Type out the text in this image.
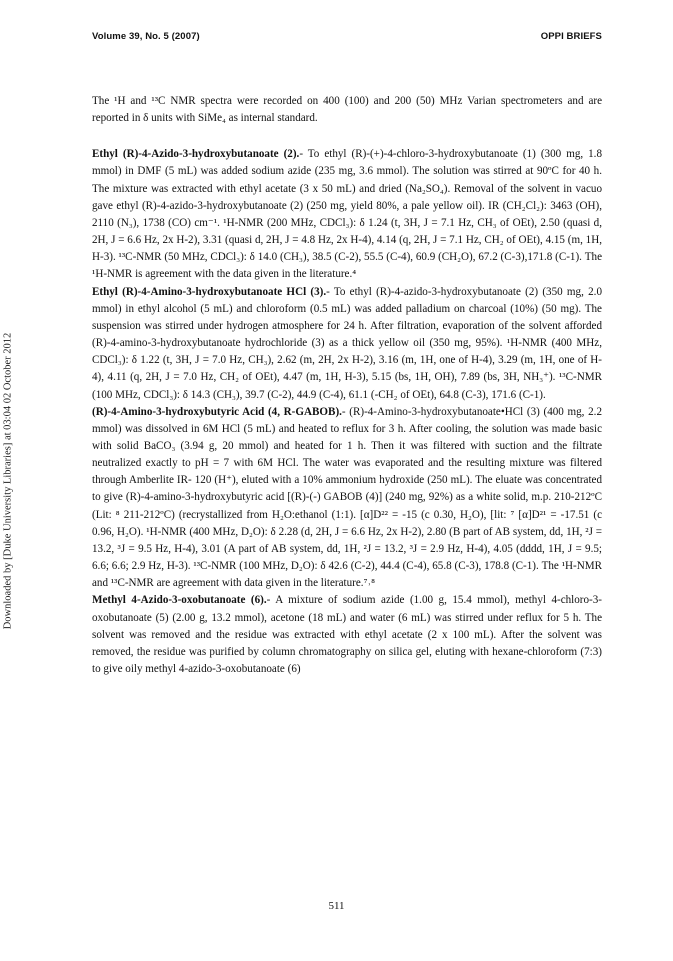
Volume 39, No. 5 (2007)	OPPI BRIEFS
Downloaded by [Duke University Libraries] at 03:04 02 October 2012

The ¹H and ¹³C NMR spectra were recorded on 400 (100) and 200 (50) MHz Varian spectrometers and are reported in δ units with SiMe₄ as internal standard.

Ethyl (R)-4-Azido-3-hydroxybutanoate (2).- To ethyl (R)-(+)-4-chloro-3-hydroxybutanoate (1) (300 mg, 1.8 mmol) in DMF (5 mL) was added sodium azide (235 mg, 3.6 mmol). The solution was stirred at 90ºC for 40 h. The mixture was extracted with ethyl acetate (3 x 50 mL) and dried (Na₂SO₄). Removal of the solvent in vacuo gave ethyl (R)-4-azido-3-hydroxybutanoate (2) (250 mg, yield 80%, a pale yellow oil). IR (CH₂Cl₂): 3463 (OH), 2110 (N₃), 1738 (CO) cm⁻¹. ¹H-NMR (200 MHz, CDCl₃): δ 1.24 (t, 3H, J = 7.1 Hz, CH₃ of OEt), 2.50 (quasi d, 2H, J = 6.6 Hz, 2x H-2), 3.31 (quasi d, 2H, J = 4.8 Hz, 2x H-4), 4.14 (q, 2H, J = 7.1 Hz, CH₂ of OEt), 4.15 (m, 1H, H-3). ¹³C-NMR (50 MHz, CDCl₃): δ 14.0 (CH₃), 38.5 (C-2), 55.5 (C-4), 60.9 (CH₂O), 67.2 (C-3),171.8 (C-1). The ¹H-NMR is agreement with the data given in the literature.⁴

Ethyl (R)-4-Amino-3-hydroxybutanoate HCl (3).- To ethyl (R)-4-azido-3-hydroxybutanoate (2) (350 mg, 2.0 mmol) in ethyl alcohol (5 mL) and chloroform (0.5 mL) was added palladium on charcoal (10%) (50 mg). The suspension was stirred under hydrogen atmosphere for 24 h. After filtration, evaporation of the solvent afforded (R)-4-amino-3-hydroxybutanoate hydrochloride (3) as a thick yellow oil (350 mg, 95%). ¹H-NMR (400 MHz, CDCl₃): δ 1.22 (t, 3H, J = 7.0 Hz, CH₃), 2.62 (m, 2H, 2x H-2), 3.16 (m, 1H, one of H-4), 3.29 (m, 1H, one of H-4), 4.11 (q, 2H, J = 7.0 Hz, CH₂ of OEt), 4.47 (m, 1H, H-3), 5.15 (bs, 1H, OH), 7.89 (bs, 3H, NH₃⁺). ¹³C-NMR (100 MHz, CDCl₃): δ 14.3 (CH₃), 39.7 (C-2), 44.9 (C-4), 61.1 (-CH₂ of OEt), 64.8 (C-3), 171.6 (C-1).

(R)-4-Amino-3-hydroxybutyric Acid (4, R-GABOB).- (R)-4-Amino-3-hydroxybutanoate•HCl (3) (400 mg, 2.2 mmol) was dissolved in 6M HCl (5 mL) and heated to reflux for 3 h. After cooling, the solution was made basic with solid BaCO₃ (3.94 g, 20 mmol) and heated for 1 h. Then it was filtered with suction and the filtrate neutralized exactly to pH = 7 with 6M HCl. The water was evaporated and the resulting mixture was filtered through Amberlite IR- 120 (H⁺), eluted with a 10% ammonium hydroxide (250 mL). The eluate was concentrated to give (R)-4-amino-3-hydroxybutyric acid [(R)-(-) GABOB (4)] (240 mg, 92%) as a white solid, m.p. 210-212ºC (Lit: ⁸ 211-212ºC) (recrystallized from H₂O:ethanol (1:1). [α]D²² = -15 (c 0.30, H₂O), [lit: ⁷ [α]D²¹ = -17.51 (c 0.96, H₂O). ¹H-NMR (400 MHz, D₂O): δ 2.28 (d, 2H, J = 6.6 Hz, 2x H-2), 2.80 (B part of AB system, dd, 1H, ²J = 13.2, ³J = 9.5 Hz, H-4), 3.01 (A part of AB system, dd, 1H, ²J = 13.2, ³J = 2.9 Hz, H-4), 4.05 (dddd, 1H, J = 9.5; 6.6; 6.6; 2.9 Hz, H-3). ¹³C-NMR (100 MHz, D₂O): δ 42.6 (C-2), 44.4 (C-4), 65.8 (C-3), 178.8 (C-1). The ¹H-NMR and ¹³C-NMR are agreement with data given in the literature.⁷˒⁸

Methyl 4-Azido-3-oxobutanoate (6).- A mixture of sodium azide (1.00 g, 15.4 mmol), methyl 4-chloro-3-oxobutanoate (5) (2.00 g, 13.2 mmol), acetone (18 mL) and water (6 mL) was stirred under reflux for 5 h. The solvent was removed and the residue was extracted with ethyl acetate (2 x 100 mL). After the solvent was removed, the residue was purified by column chromatography on silica gel, eluting with hexane-chloroform (7:3) to give oily methyl 4-azido-3-oxobutanoate (6)

511
